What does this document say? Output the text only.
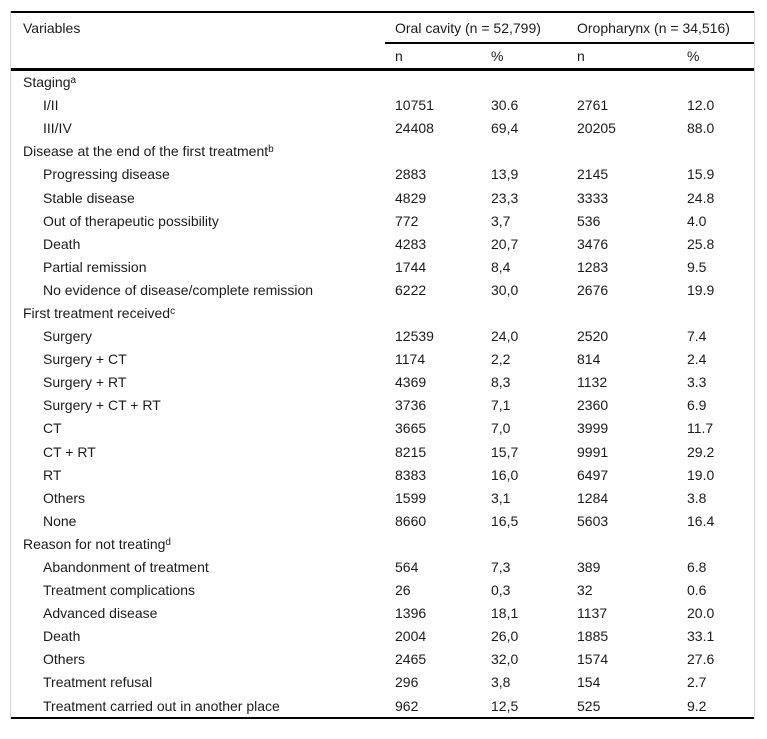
Variables	Oral cavity (n = 52,799)		Oropharynx (n = 34,516)	
	n	%	n	%
Staging$^a$				
I/II	10751	30.6	2761	12.0
III/IV	24408	69,4	20205	88.0
Disease at the end of the first treatment$^b$				
Progressing disease	2883	13,9	2145	15.9
Stable disease	4829	23,3	3333	24.8
Out of therapeutic possibility	772	3,7	536	4.0
Death	4283	20,7	3476	25.8
Partial remission	1744	8,4	1283	9.5
No evidence of disease/complete remission	6222	30,0	2676	19.9
First treatment received$^c$				
Surgery	12539	24,0	2520	7.4
Surgery + CT	1174	2,2	814	2.4
Surgery + RT	4369	8,3	1132	3.3
Surgery + CT + RT	3736	7,1	2360	6.9
CT	3665	7,0	3999	11.7
CT + RT	8215	15,7	9991	29.2
RT	8383	16,0	6497	19.0
Others	1599	3,1	1284	3.8
None	8660	16,5	5603	16.4
Reason for not treating$^d$				
Abandonment of treatment	564	7,3	389	6.8
Treatment complications	26	0,3	32	0.6
Advanced disease	1396	18,1	1137	20.0
Death	2004	26,0	1885	33.1
Others	2465	32,0	1574	27.6
Treatment refusal	296	3,8	154	2.7
Treatment carried out in another place	962	12,5	525	9.2
